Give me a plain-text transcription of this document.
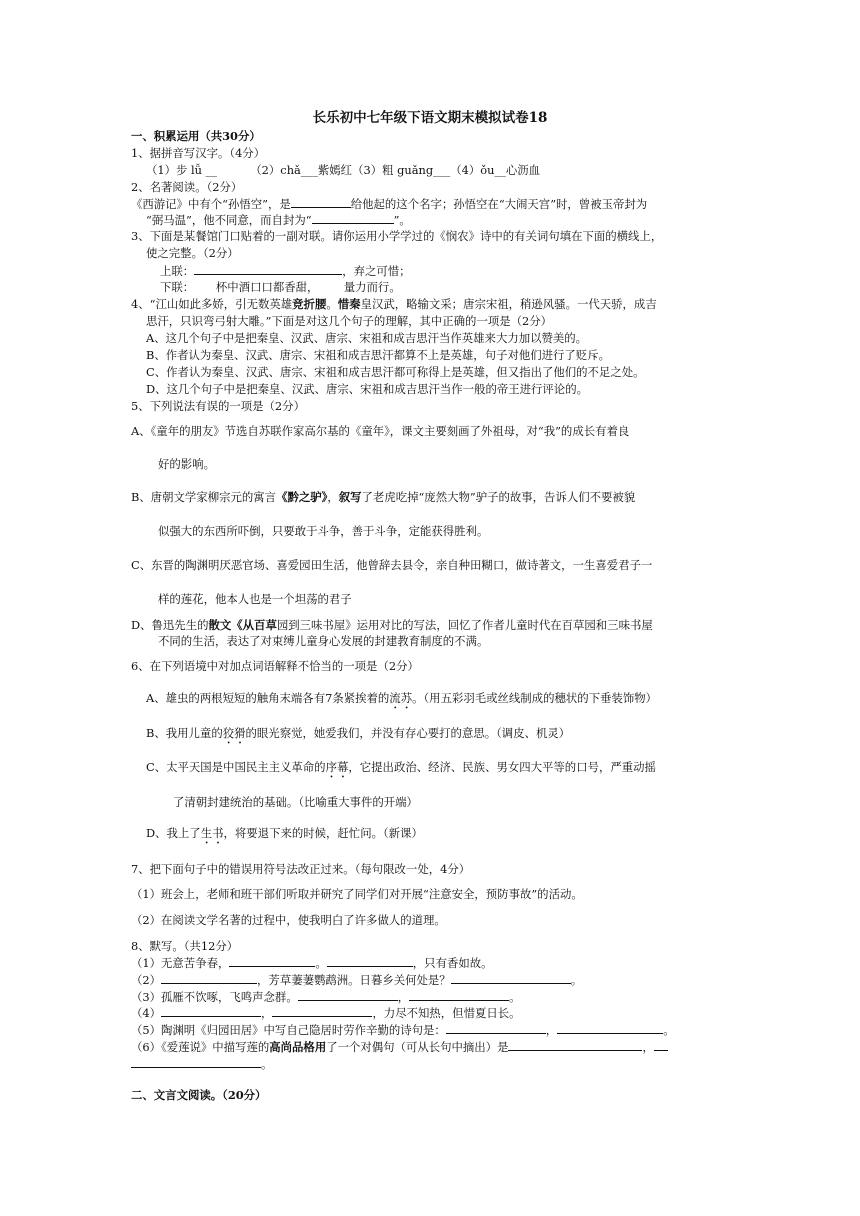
长乐初中七年级下语文期末模拟试卷18
一、积累运用（共30分）
1、据拼音写汉字。（4分）
（1）步 lǚ __	（2）chǎ___紫嫣红（3）粗 guǎng___（4）ǒu__心沥血
2、名著阅读。（2分）
《西游记》中有个“孙悟空”，是	给他起的这个名字；孙悟空在“大闹天宫”时，曾被玉帝封为
“弼马温”，他不同意，而自封为“	”。
3、下面是某餐馆门口贴着的一副对联。请你运用小学学过的《悯农》诗中的有关词句填在下面的横线上，
使之完整。（2分）
上联：	，弃之可惜；
下联：      杯中酒口口都香甜，       量力而行。
4、“江山如此多娇，引无数英雄竞折腰。惜秦皇汉武，略输文采；唐宗宋祖，稍逊风骚。一代天骄，成吉
思汗，只识弯弓射大雕。”下面是对这几个句子的理解，其中正确的一项是（2分）
A、这几个句子中是把秦皇、汉武、唐宗、宋祖和成吉思汗当作英雄来大力加以赞美的。
B、作者认为秦皇、汉武、唐宗、宋祖和成吉思汗都算不上是英雄，句子对他们进行了贬斥。
C、作者认为秦皇、汉武、唐宗、宋祖和成吉思汗都可称得上是英雄，但又指出了他们的不足之处。
D、这几个句子中是把秦皇、汉武、唐宗、宋祖和成吉思汗当作一般的帝王进行评论的。
5、下列说法有误的一项是（2分）
A、《童年的朋友》节选自苏联作家高尔基的《童年》，课文主要刻画了外祖母，对“我”的成长有着良
好的影响。
B、唐朝文学家柳宗元的寓言《黔之驴》，叙写了老虎吃掉“庞然大物”驴子的故事，告诉人们不要被貌
似强大的东西所吓倒，只要敢于斗争，善于斗争，定能获得胜利。
C、东晋的陶渊明厌恶官场、喜爱园田生活，他曾辞去县令，亲自种田糊口，做诗著文，一生喜爱君子一
样的莲花，他本人也是一个坦荡的君子
D、鲁迅先生的散文《从百草园到三味书屋》运用对比的写法，回忆了作者儿童时代在百草园和三味书屋
不同的生活，表达了对束缚儿童身心发展的封建教育制度的不满。
6、在下列语境中对加点词语解释不恰当的一项是（2分）
A、雄虫的两根短短的触角末端各有7条紧挨着的流苏。（用五彩羽毛或丝线制成的穗状的下垂装饰物）
B、我用儿童的狡猾的眼光察觉，她爱我们，并没有存心要打的意思。（调皮、机灵）
C、太平天国是中国民主主义革命的序幕，它提出政治、经济、民族、男女四大平等的口号，严重动摇
了清朝封建统治的基础。（比喻重大事件的开端）
D、我上了生书，将要退下来的时候，赶忙问。（新课）
7、把下面句子中的错误用符号法改正过来。（每句限改一处，4分）
（1）班会上，老师和班干部们听取并研究了同学们对开展“注意安全，预防事故”的活动。
（2）在阅读文学名著的过程中，使我明白了许多做人的道理。
8、默写。（共12分）
（1）无意苦争春，	。	，只有香如故。
（2）	，芳草萋萋鹦鹉洲。日暮乡关何处是？	。
（3）孤雁不饮啄，飞鸣声念群。	，	。
（4）	，	，力尽不知热，但惜夏日长。
（5）陶渊明《归园田居》中写自己隐居时劳作辛勤的诗句是：	，	。
（6）《爱莲说》中描写莲的高尚品格用了一个对偶句（可从长句中摘出）是	，
。
二、文言文阅读。（20分）
